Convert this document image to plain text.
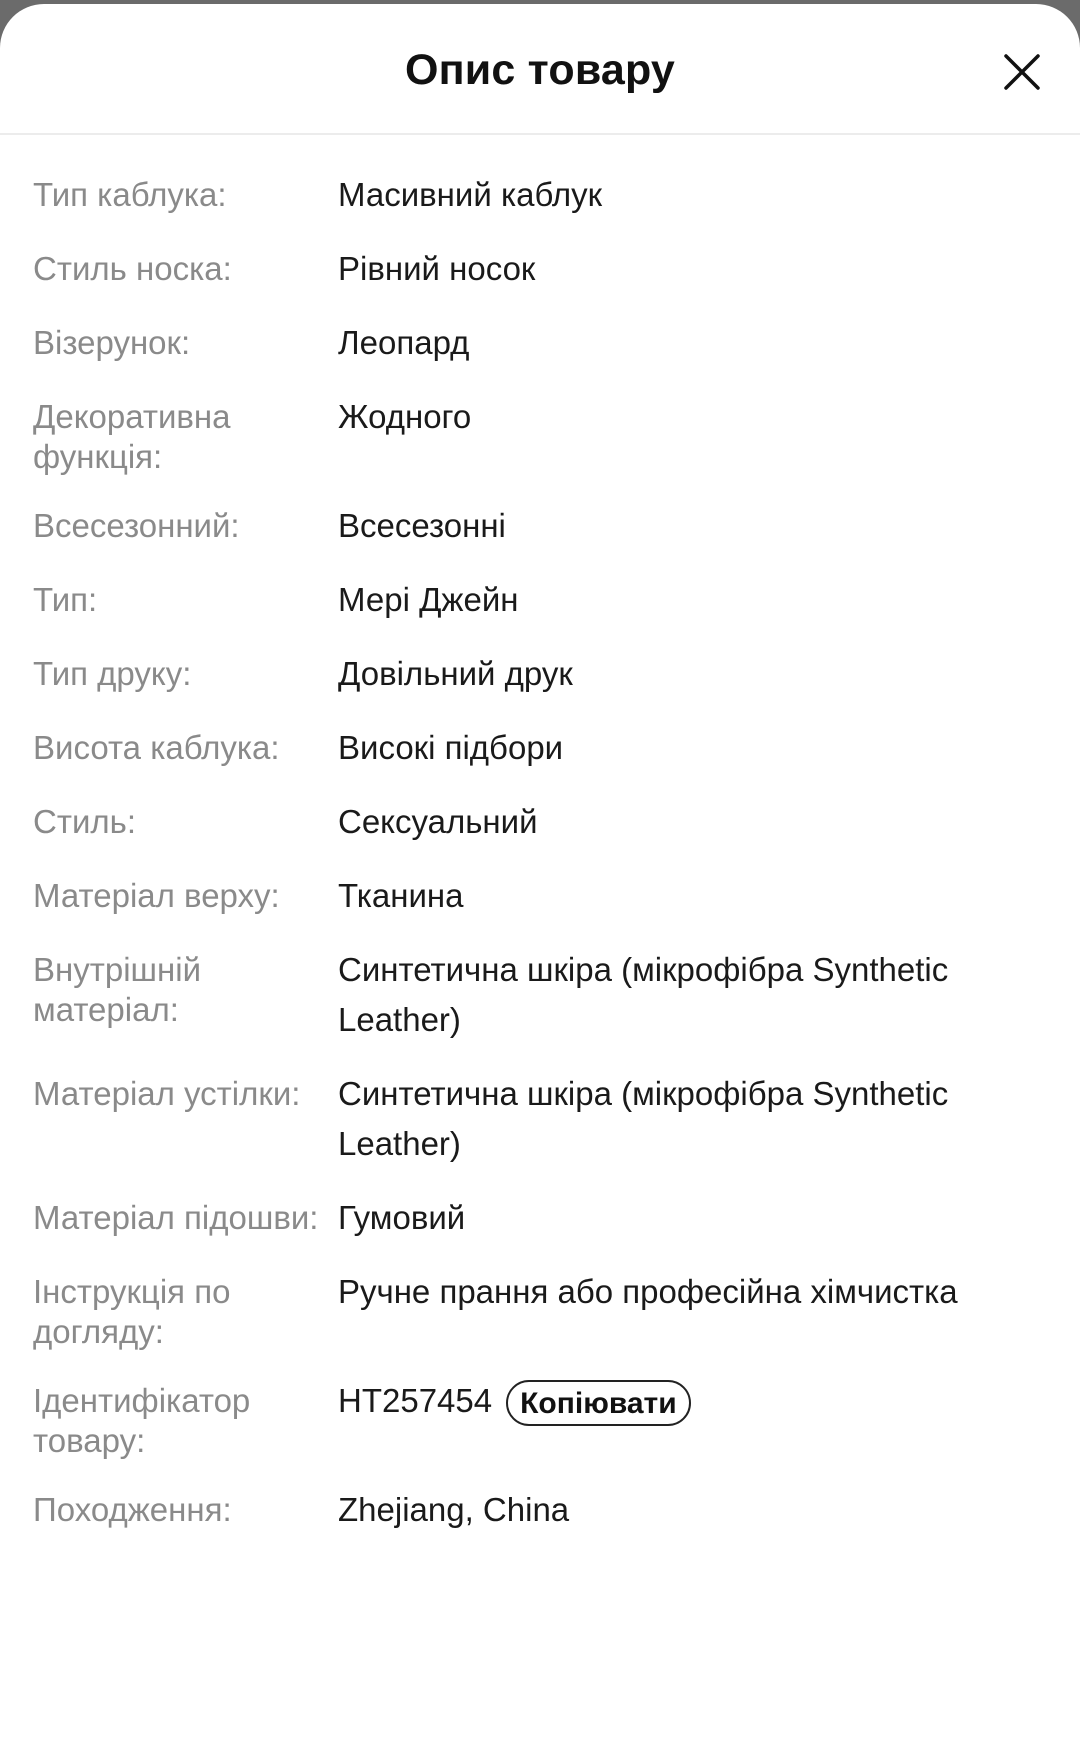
Опис товару
Тип каблука:	Масивний каблук
Стиль носка:	Рівний носок
Візерунок:	Леопард
Декоративна функція:
Жодного
Всесезонний:	Всесезонні
Тип:	Мері Джейн
Тип друку:	Довільний друк
Висота каблука:	Високі підбори
Стиль:	Сексуальний
Матеріал верху:	Тканина
Внутрішній матеріал:
Синтетична шкіра (мікрофібра Synthetic Leather)
Матеріал устілки:	Синтетична шкіра (мікрофібра Synthetic Leather)
Матеріал підошви: Гумовий
Інструкція по догляду:
Ручне прання або професійна хімчистка
Ідентифікатор товару:
HT257454 Копіювати
Походження:	Zhejiang, China
